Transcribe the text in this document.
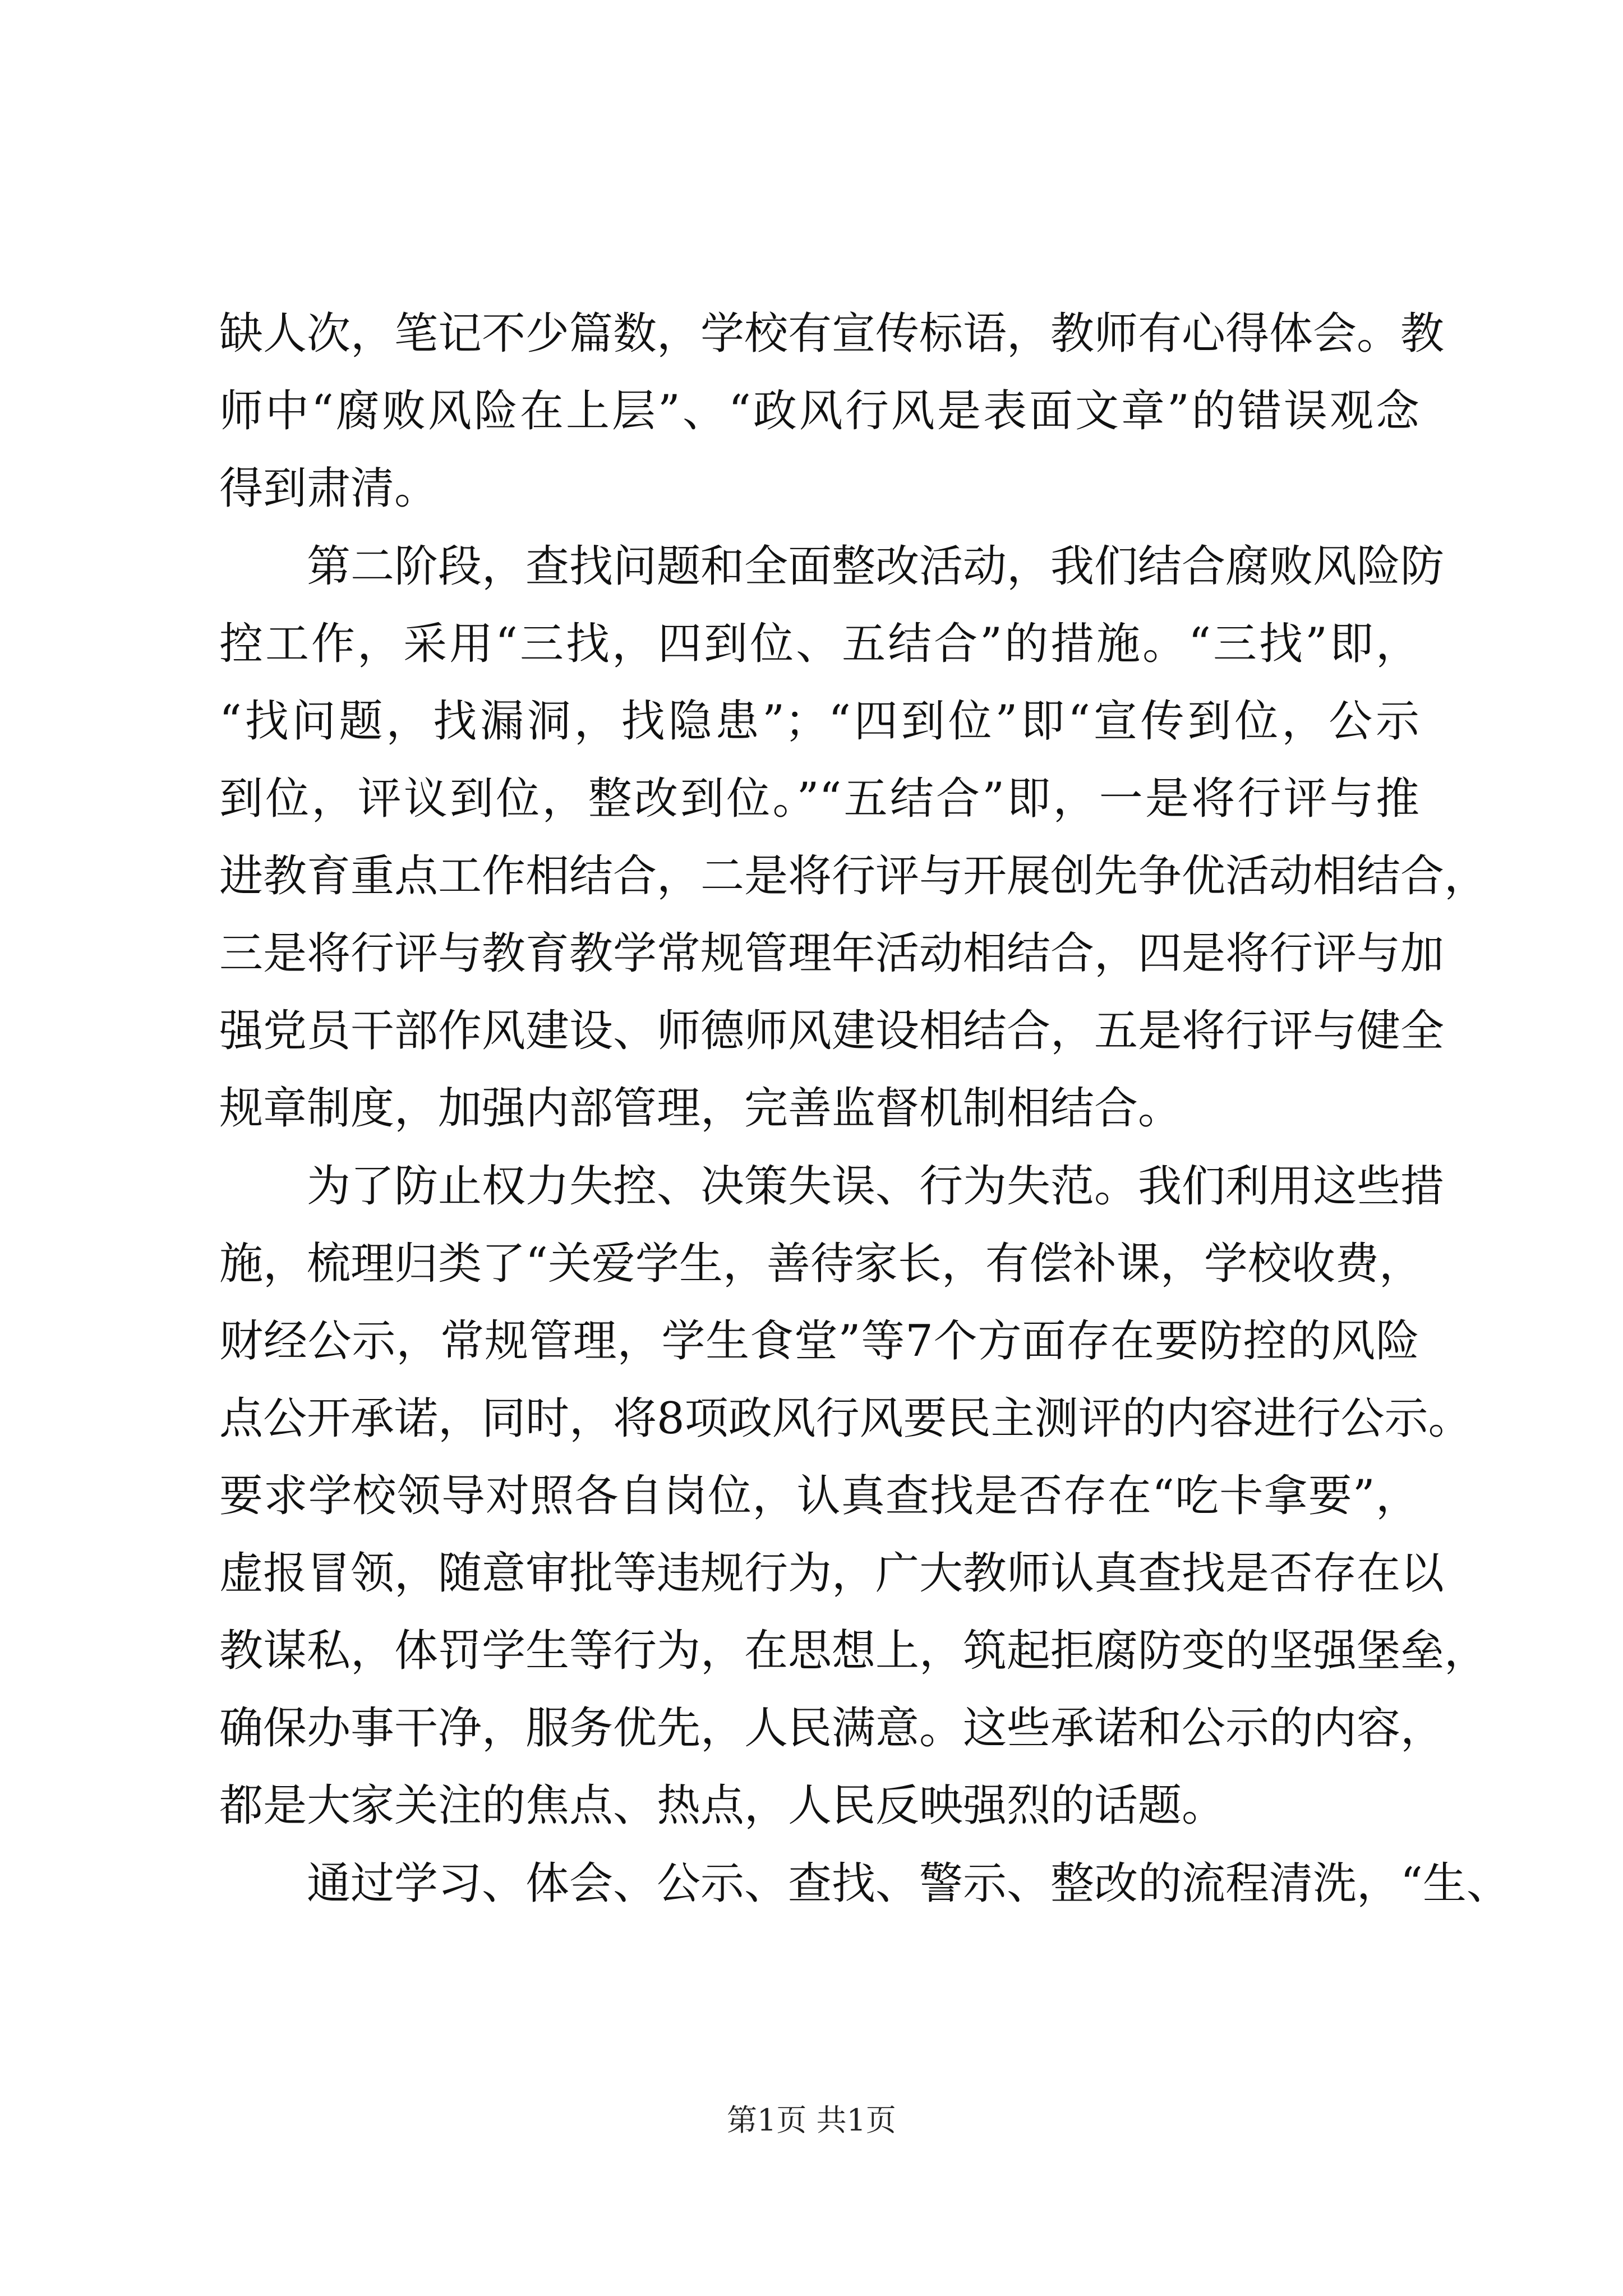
缺人次，笔记不少篇数，学校有宣传标语，教师有心得体会。教
师中“腐败风险在上层”、“政风行风是表面文章”的错误观念
得到肃清。
第二阶段，查找问题和全面整改活动，我们结合腐败风险防
控工作，采用“三找，四到位、五结合”的措施。“三找”即，
“找问题，找漏洞，找隐患”；“四到位”即“宣传到位，公示
到位，评议到位，整改到位。”“五结合”即，一是将行评与推
进教育重点工作相结合，二是将行评与开展创先争优活动相结合，
三是将行评与教育教学常规管理年活动相结合，四是将行评与加
强党员干部作风建设、师德师风建设相结合，五是将行评与健全
规章制度，加强内部管理，完善监督机制相结合。
为了防止权力失控、决策失误、行为失范。我们利用这些措
施，梳理归类了“关爱学生，善待家长，有偿补课，学校收费，
财经公示，常规管理，学生食堂”等7个方面存在要防控的风险
点公开承诺，同时，将8项政风行风要民主测评的内容进行公示。
要求学校领导对照各自岗位，认真查找是否存在“吃卡拿要”，
虚报冒领，随意审批等违规行为，广大教师认真查找是否存在以
教谋私，体罚学生等行为，在思想上，筑起拒腐防变的坚强堡垒，
确保办事干净，服务优先，人民满意。这些承诺和公示的内容，
都是大家关注的焦点、热点，人民反映强烈的话题。
通过学习、体会、公示、查找、警示、整改的流程清洗，“生、
第1页 共1页
